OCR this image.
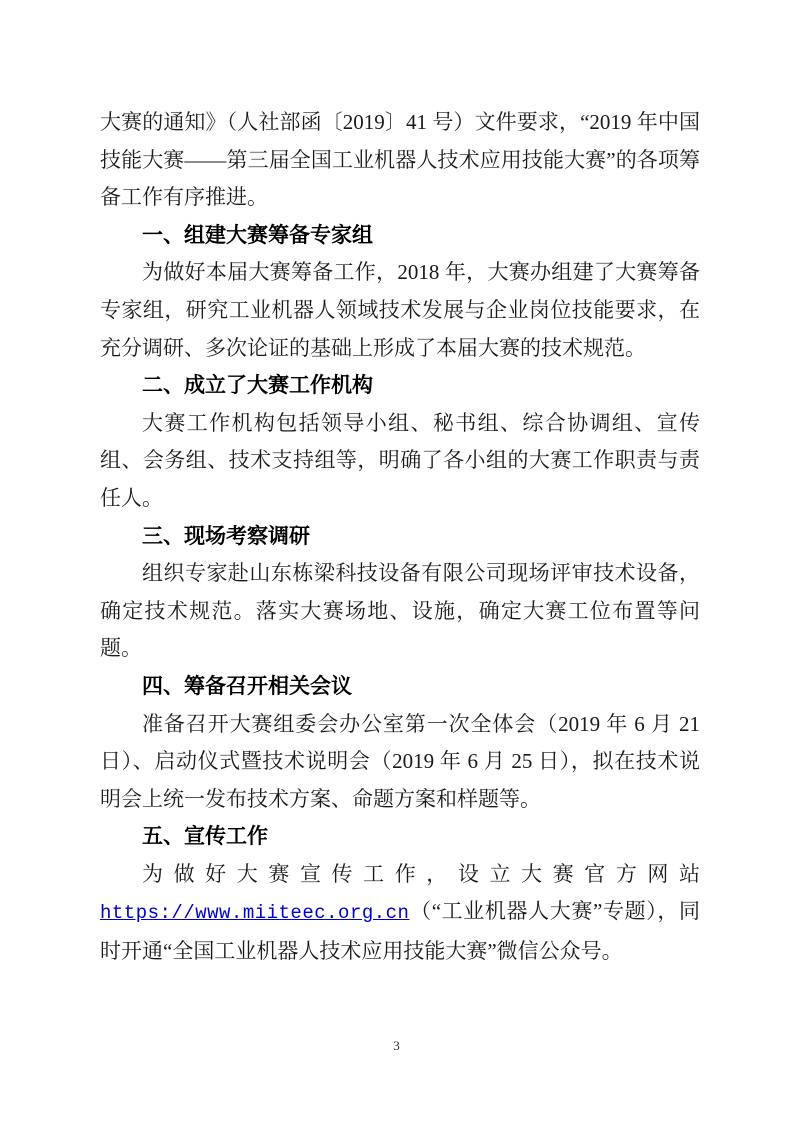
大赛的通知》（人社部函〔2019〕41 号）文件要求，“2019 年中国技能大赛——第三届全国工业机器人技术应用技能大赛”的各项筹备工作有序推进。

一、组建大赛筹备专家组

为做好本届大赛筹备工作，2018 年，大赛办组建了大赛筹备专家组，研究工业机器人领域技术发展与企业岗位技能要求，在充分调研、多次论证的基础上形成了本届大赛的技术规范。

二、成立了大赛工作机构

大赛工作机构包括领导小组、秘书组、综合协调组、宣传组、会务组、技术支持组等，明确了各小组的大赛工作职责与责任人。

三、现场考察调研

组织专家赴山东栋梁科技设备有限公司现场评审技术设备，确定技术规范。落实大赛场地、设施，确定大赛工位布置等问题。

四、筹备召开相关会议

准备召开大赛组委会办公室第一次全体会（2019 年 6 月 21 日）、启动仪式暨技术说明会（2019 年 6 月 25 日），拟在技术说明会上统一发布技术方案、命题方案和样题等。

五、宣传工作

为做好大赛宣传工作，设立大赛官方网站 https://www.miiteec.org.cn（“工业机器人大赛”专题），同时开通“全国工业机器人技术应用技能大赛”微信公众号。

3
